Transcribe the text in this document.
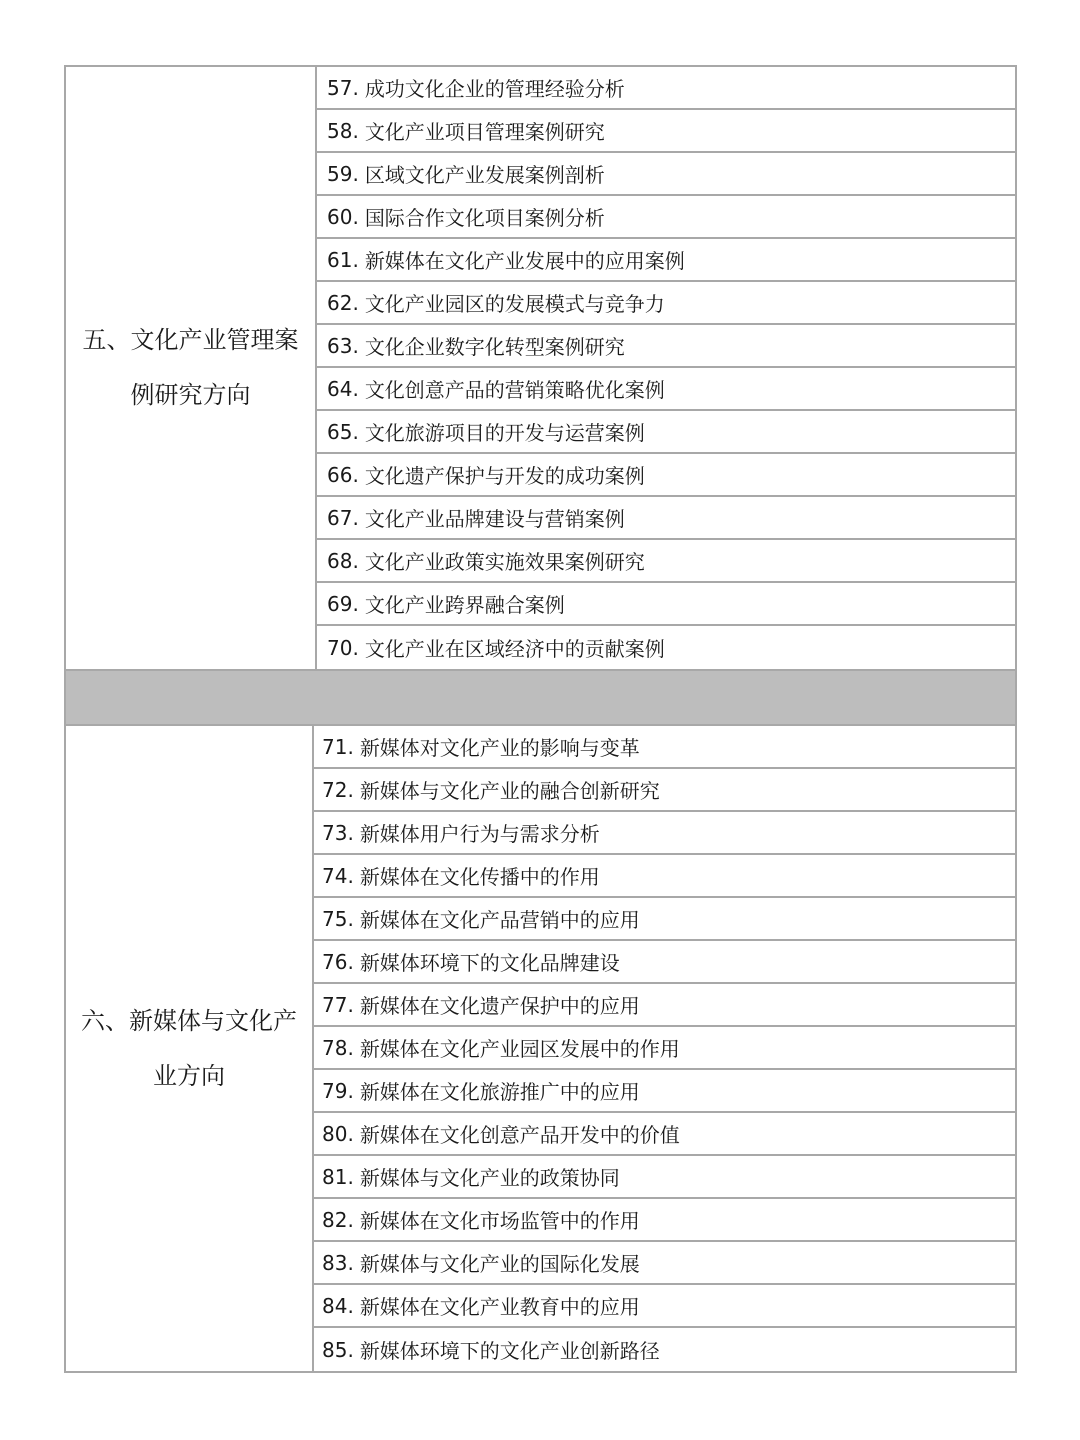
五、文化产业管理案
例研究方向
57. 成功文化企业的管理经验分析
58. 文化产业项目管理案例研究
59. 区域文化产业发展案例剖析
60. 国际合作文化项目案例分析
61. 新媒体在文化产业发展中的应用案例
62. 文化产业园区的发展模式与竞争力
63. 文化企业数字化转型案例研究
64. 文化创意产品的营销策略优化案例
65. 文化旅游项目的开发与运营案例
66. 文化遗产保护与开发的成功案例
67. 文化产业品牌建设与营销案例
68. 文化产业政策实施效果案例研究
69. 文化产业跨界融合案例
70. 文化产业在区域经济中的贡献案例
六、新媒体与文化产
业方向
71. 新媒体对文化产业的影响与变革
72. 新媒体与文化产业的融合创新研究
73. 新媒体用户行为与需求分析
74. 新媒体在文化传播中的作用
75. 新媒体在文化产品营销中的应用
76. 新媒体环境下的文化品牌建设
77. 新媒体在文化遗产保护中的应用
78. 新媒体在文化产业园区发展中的作用
79. 新媒体在文化旅游推广中的应用
80. 新媒体在文化创意产品开发中的价值
81. 新媒体与文化产业的政策协同
82. 新媒体在文化市场监管中的作用
83. 新媒体与文化产业的国际化发展
84. 新媒体在文化产业教育中的应用
85. 新媒体环境下的文化产业创新路径
